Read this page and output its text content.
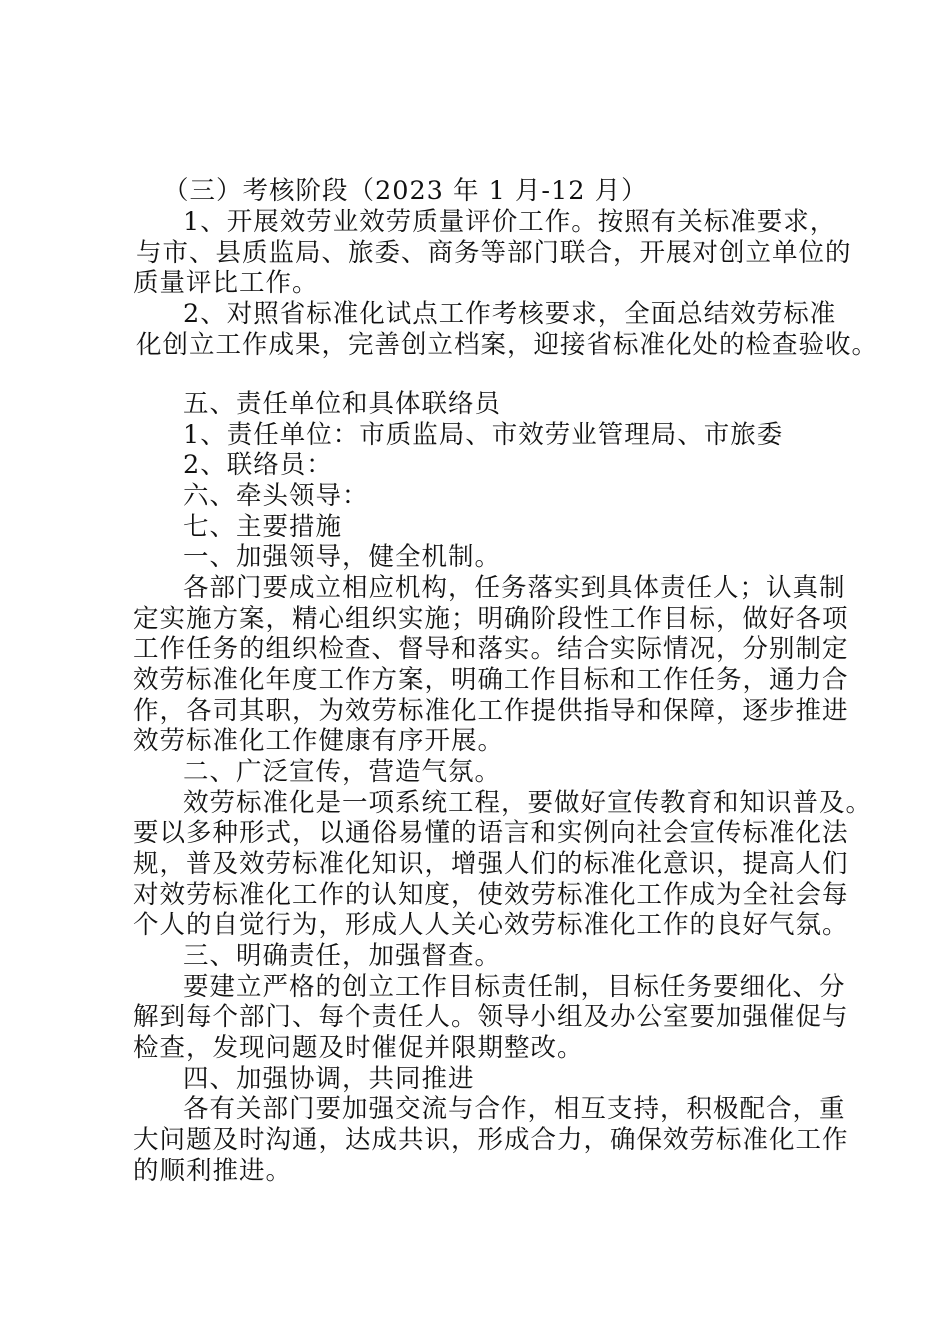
（三）考核阶段（2023 年 1 月-12 月）
1、开展效劳业效劳质量评价工作。按照有关标准要求，
与市、县质监局、旅委、商务等部门联合，开展对创立单位的
质量评比工作。
2、对照省标准化试点工作考核要求，全面总结效劳标准
化创立工作成果，完善创立档案，迎接省标准化处的检查验收。
五、责任单位和具体联络员
1、责任单位：市质监局、市效劳业管理局、市旅委
2、联络员：
六、牵头领导：
七、主要措施
一、加强领导，健全机制。
各部门要成立相应机构，任务落实到具体责任人；认真制
定实施方案，精心组织实施；明确阶段性工作目标，做好各项
工作任务的组织检查、督导和落实。结合实际情况，分别制定
效劳标准化年度工作方案，明确工作目标和工作任务，通力合
作，各司其职，为效劳标准化工作提供指导和保障，逐步推进
效劳标准化工作健康有序开展。
二、广泛宣传，营造气氛。
效劳标准化是一项系统工程，要做好宣传教育和知识普及。
要以多种形式，以通俗易懂的语言和实例向社会宣传标准化法
规，普及效劳标准化知识，增强人们的标准化意识，提高人们
对效劳标准化工作的认知度，使效劳标准化工作成为全社会每
个人的自觉行为，形成人人关心效劳标准化工作的良好气氛。
三、明确责任，加强督查。
要建立严格的创立工作目标责任制，目标任务要细化、分
解到每个部门、每个责任人。领导小组及办公室要加强催促与
检查，发现问题及时催促并限期整改。
四、加强协调，共同推进
各有关部门要加强交流与合作，相互支持，积极配合，重
大问题及时沟通，达成共识，形成合力，确保效劳标准化工作
的顺利推进。
